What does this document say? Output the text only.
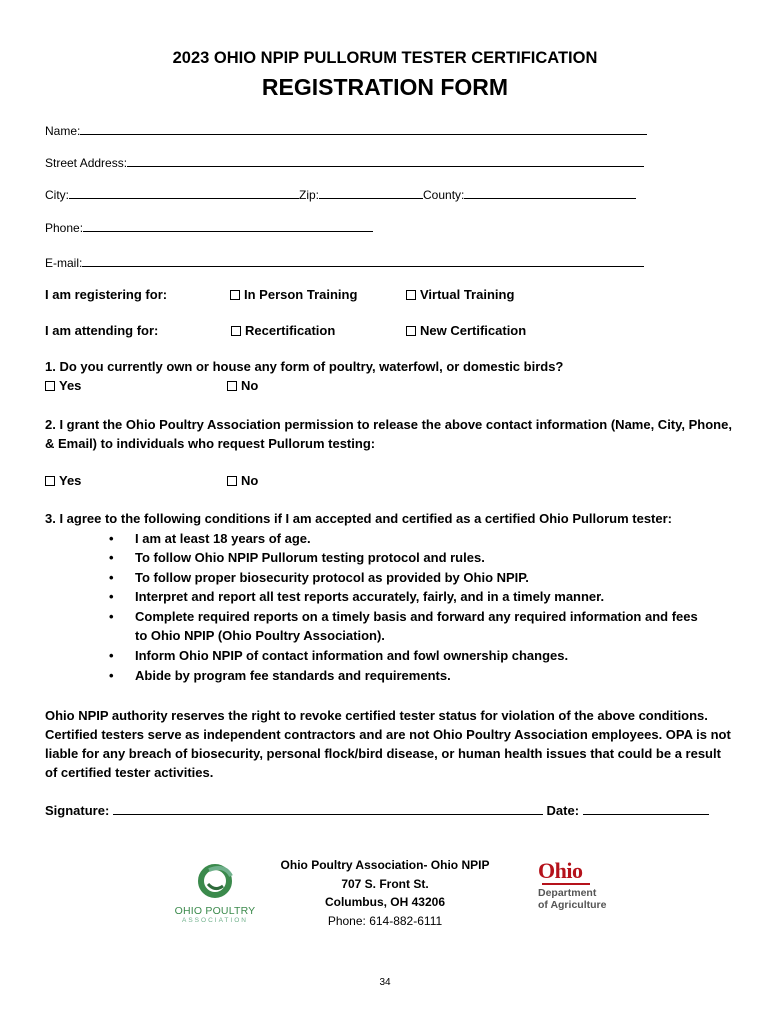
2023 OHIO NPIP PULLORUM TESTER CERTIFICATION
REGISTRATION FORM
Name:
Street Address:
City:	Zip:	County:
Phone:
E-mail:
I am registering for:	In Person Training	Virtual Training
I am attending for:	Recertification	New Certification
1. Do you currently own or house any form of poultry, waterfowl, or domestic birds?
Yes	No
2. I grant the Ohio Poultry Association permission to release the above contact information (Name, City, Phone, & Email) to individuals who request Pullorum testing:
Yes	No
3. I agree to the following conditions if I am accepted and certified as a certified Ohio Pullorum tester:
• I am at least 18 years of age.
• To follow Ohio NPIP Pullorum testing protocol and rules.
• To follow proper biosecurity protocol as provided by Ohio NPIP.
• Interpret and report all test reports accurately, fairly, and in a timely manner.
• Complete required reports on a timely basis and forward any required information and fees
to Ohio NPIP (Ohio Poultry Association).
• Inform Ohio NPIP of contact information and fowl ownership changes.
• Abide by program fee standards and requirements.
Ohio NPIP authority reserves the right to revoke certified tester status for violation of the above conditions. Certified testers serve as independent contractors and are not Ohio Poultry Association employees. OPA is not liable for any breach of biosecurity, personal flock/bird disease, or human health issues that could be a result of certified tester activities.
Signature:	Date:
OHIO POULTRY
ASSOCIATION
Ohio Poultry Association- Ohio NPIP
707 S. Front St.
Columbus, OH 43206
Phone: 614-882-6111
Ohio
Department
of Agriculture
34
